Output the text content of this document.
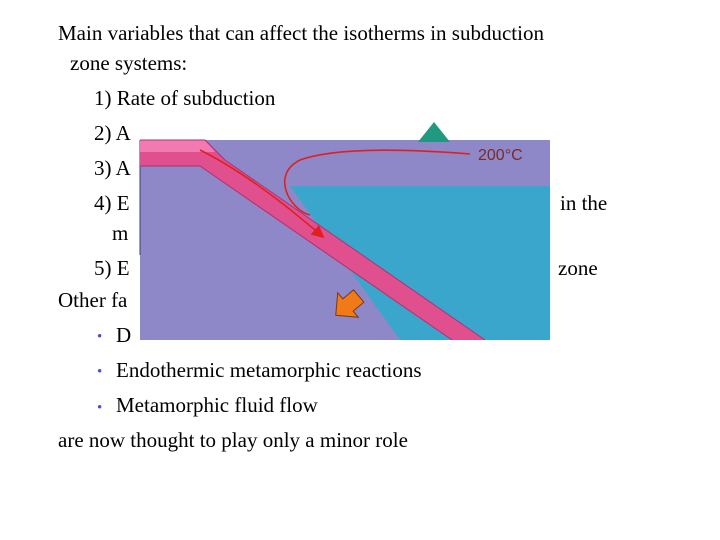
Main variables that can affect the isotherms in subduction
zone systems:
1) Rate of subduction
2) A
3) A
4) E	in the
m
5) E	zone
Other fa
• D
• Endothermic metamorphic reactions
• Metamorphic fluid flow
are now thought to play only a minor role
200°C
